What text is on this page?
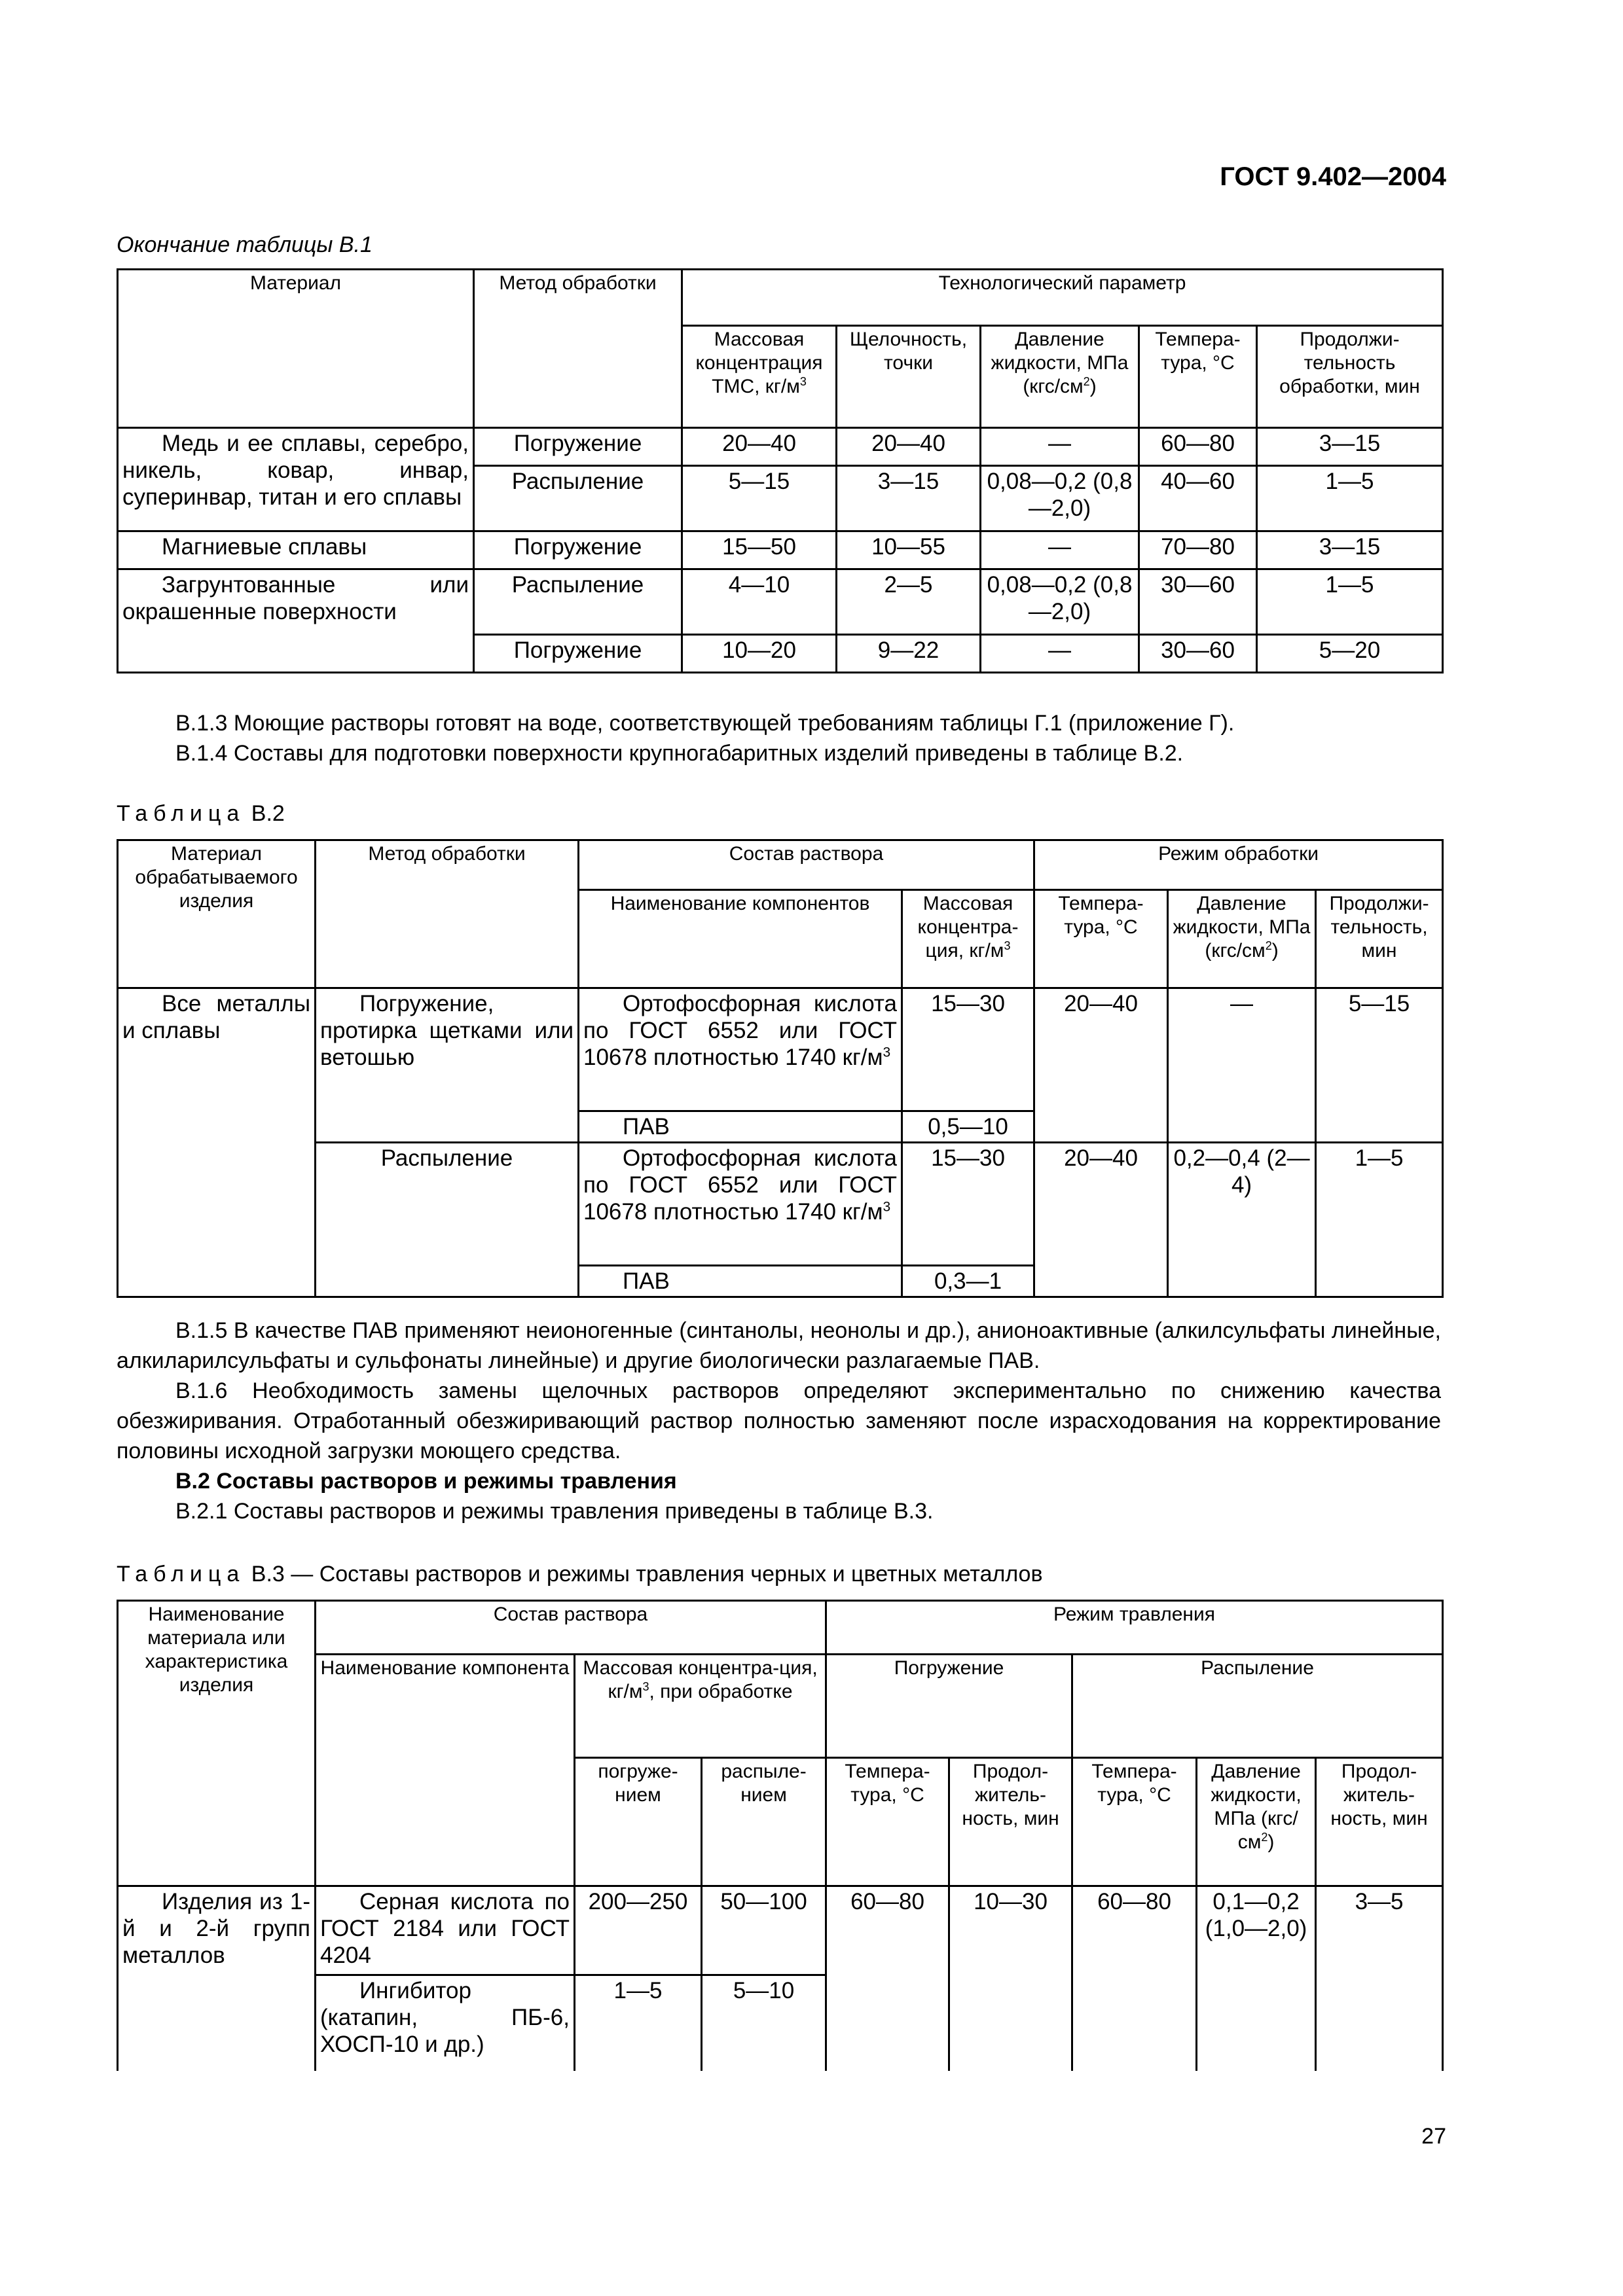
ГОСТ 9.402—2004
Окончание таблицы В.1
Материал	Метод обработки	Технологический параметр				
		Массовая концентрация ТМС, $кг/м^3$	Щелочность, точки	Давление жидкости, МПа $(кгс/см^2)$	Темпера-тура, °С	Продолжи-тельность обработки, мин
Медь и ее сплавы, серебро, никель, ковар, инвар, суперинвар, титан и его сплавы	Погружение	20—40	20—40	—	60—80	3—15
	Распыление	5—15	3—15	0,08—0,2 (0,8—2,0)	40—60	1—5
Магниевые сплавы	Погружение	15—50	10—55	—	70—80	3—15
Загрунтованные или окрашенные поверхности	Распыление	4—10	2—5	0,08—0,2 (0,8—2,0)	30—60	1—5
	Погружение	10—20	9—22	—	30—60	5—20
В.1.3 Моющие растворы готовят на воде, соответствующей требованиям таблицы Г.1 (приложение Г).
В.1.4 Составы для подготовки поверхности крупногабаритных изделий приведены в таблице В.2.
Таблица В.2
Материал обрабатываемого изделия	Метод обработки	Состав раствора		Режим обработки		
		Наименование компонентов	Массовая концентра-ция, $кг/м^3$	Темпера-тура, °С	Давление жидкости, МПа $(кгс/см^2)$	Продолжи-тельность, мин
Все металлы и сплавы	Погружение, протирка щетками или ветошью	Ортофосфорная кислота по ГОСТ 6552 или ГОСТ 10678 плотностью 1740 $кг/м^3$	15—30	20—40	—	5—15
		ПАВ	0,5—10			
	Распыление	Ортофосфорная кислота по ГОСТ 6552 или ГОСТ 10678 плотностью 1740 $кг/м^3$	15—30	20—40	0,2—0,4 (2—4)	1—5
		ПАВ	0,3—1			
В.1.5 В качестве ПАВ применяют неионогенные (синтанолы, неонолы и др.), анионоактивные (алкилсульфаты линейные, алкиларилсульфаты и сульфонаты линейные) и другие биологически разлагаемые ПАВ.
В.1.6 Необходимость замены щелочных растворов определяют экспериментально по снижению качества обезжиривания. Отработанный обезжиривающий раствор полностью заменяют после израсходования на корректирование половины исходной загрузки моющего средства.
В.2 Составы растворов и режимы травления
В.2.1 Составы растворов и режимы травления приведены в таблице В.3.
Таблица В.3 — Составы растворов и режимы травления черных и цветных металлов
Наименование материала или характеристика изделия	Состав раствора			Режим травления				
	Наименование компонента	Массовая концентра-ция, $кг/м^3$, при обработке		Погружение		Распыление		
		погруже-нием	распыле-нием	Темпера-тура, °С	Продол-житель-ность, мин	Темпера-тура, °С	Давление жидкости, МПа $(кгс/см^2)$	Продол-житель-ность, мин
Изделия из 1-й и 2-й групп металлов	Серная кислота по ГОСТ 2184 или ГОСТ 4204	200—250	50—100	60—80	10—30	60—80	0,1—0,2 (1,0—2,0)	3—5
	Ингибитор (катапин, ПБ-6, ХОСП-10 и др.)	1—5	5—10					
27
